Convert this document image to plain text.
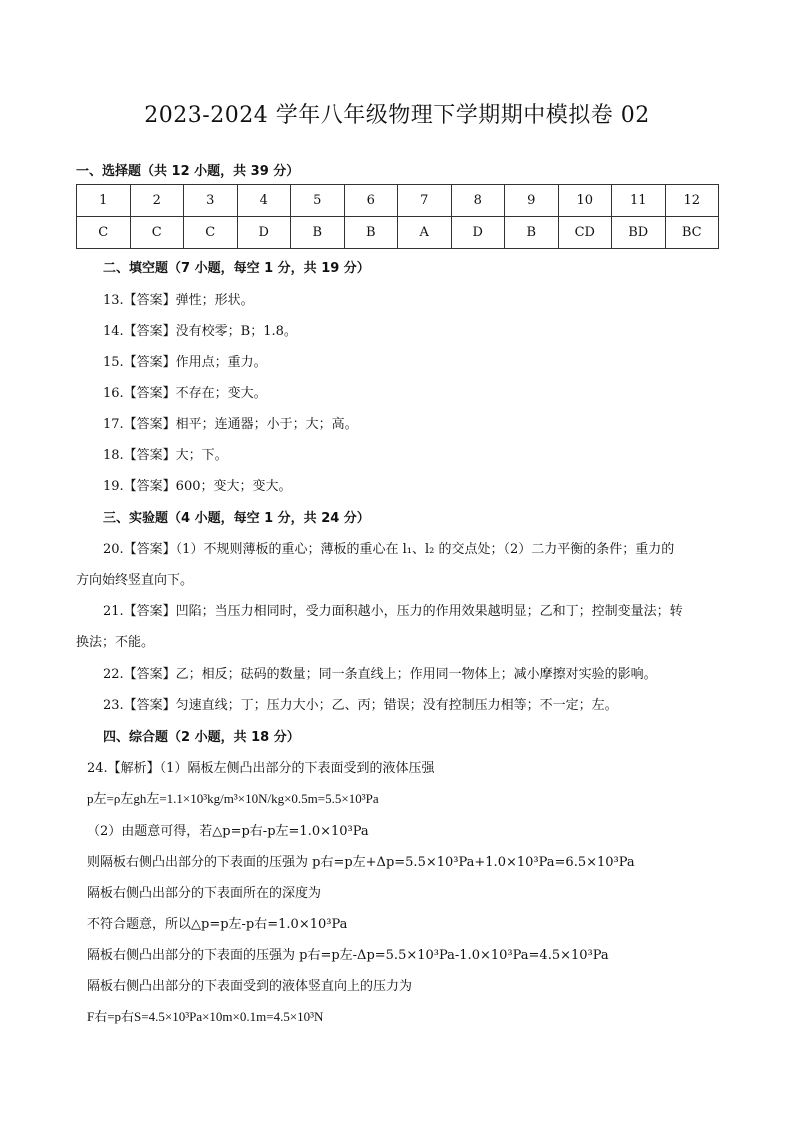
2023-2024 学年八年级物理下学期期中模拟卷 02
一、选择题（共 12 小题，共 39 分）
1	2	3	4	5	6	7	8	9	10	11	12
C	C	C	D	B	B	A	D	B	CD	BD	BC
二、填空题（7 小题，每空 1 分，共 19 分）
13.【答案】弹性；形状。
14.【答案】没有校零；B；1.8。
15.【答案】作用点；重力。
16.【答案】不存在；变大。
17.【答案】相平；连通器；小于；大；高。
18.【答案】大；下。
19.【答案】600；变大；变大。
三、实验题（4 小题，每空 1 分，共 24 分）
20.【答案】（1）不规则薄板的重心；薄板的重心在 l₁、l₂ 的交点处；（2）二力平衡的条件；重力的
方向始终竖直向下。
21.【答案】凹陷；当压力相同时，受力面积越小，压力的作用效果越明显；乙和丁；控制变量法；转
换法；不能。
22.【答案】乙；相反；砝码的数量；同一条直线上；作用同一物体上；减小摩擦对实验的影响。
23.【答案】匀速直线；丁；压力大小；乙、丙；错误；没有控制压力相等；不一定；左。
四、综合题（2 小题，共 18 分）
24.【解析】（1）隔板左侧凸出部分的下表面受到的液体压强
p左=ρ左gh左=1.1×10³kg/m³×10N/kg×0.5m=5.5×10³Pa
（2）由题意可得，若△p=p右-p左=1.0×10³Pa
则隔板右侧凸出部分的下表面的压强为 p右=p左+Δp=5.5×10³Pa+1.0×10³Pa=6.5×10³Pa
隔板右侧凸出部分的下表面所在的深度为
不符合题意，所以△p=p左-p右=1.0×10³Pa
隔板右侧凸出部分的下表面的压强为 p右=p左-Δp=5.5×10³Pa-1.0×10³Pa=4.5×10³Pa
隔板右侧凸出部分的下表面受到的液体竖直向上的压力为
F右=p右S=4.5×10³Pa×10m×0.1m=4.5×10³N
